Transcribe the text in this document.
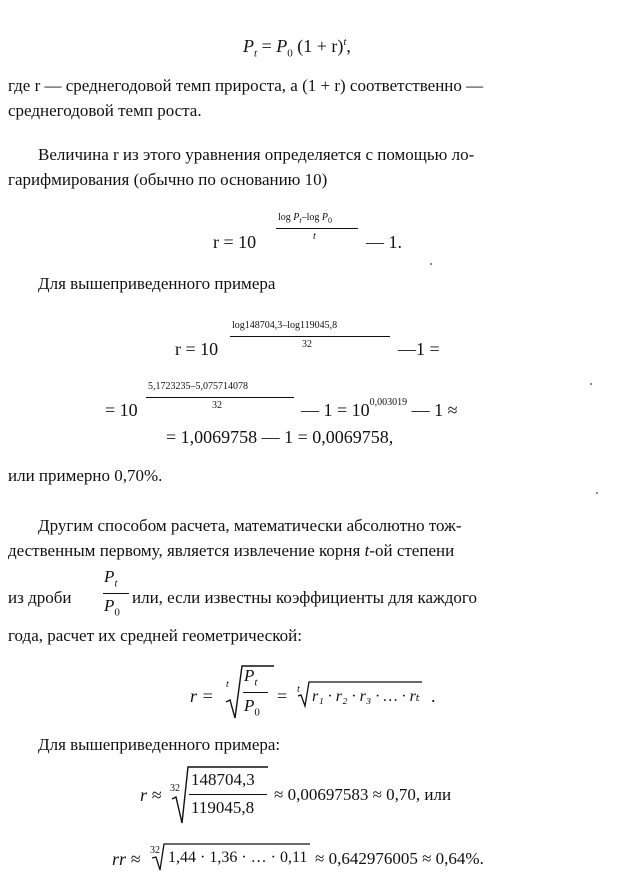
$P_t = P_0$ $(1 + r)^t$,
где r — среднегодовой темп прироста, а (1 + r) соответственно —
среднегодовой темп роста.
Величина r из этого уравнения определяется с помощью ло-
гарифмирования (обычно по основанию 10)
r = 10
$\log P_t-\log$ $P_0$
t	— 1.
Для вышеприведенного примера
r = 10
log148704,3–log119045,8
32	—1 =
= 10
5,1723235–5,075714078
32	— $1 = 10^{0,003019}$ — 1 ≈
= 1,0069758 — 1 = 0,0069758,
или примерно 0,70%.
Другим способом расчета, математически абсолютно тож-
дественным первому, является извлечение корня t-ой степени
из дроби
$P_t$
$P_0$
или, если известны коэффициенты для каждого
года, расчет их средней геометрической:
r =
t $P_t$
$P_0$
= t r₁ · r₂ · r₃ · … · rₜ .
Для вышеприведенного примера:
r ≈ 32 148704,3
119045,8
≈ 0,00697583 ≈ 0,70, или
rr ≈ 32 1,44 · 1,36 · … · 0,11 ≈ 0,642976005 ≈ 0,64%.
